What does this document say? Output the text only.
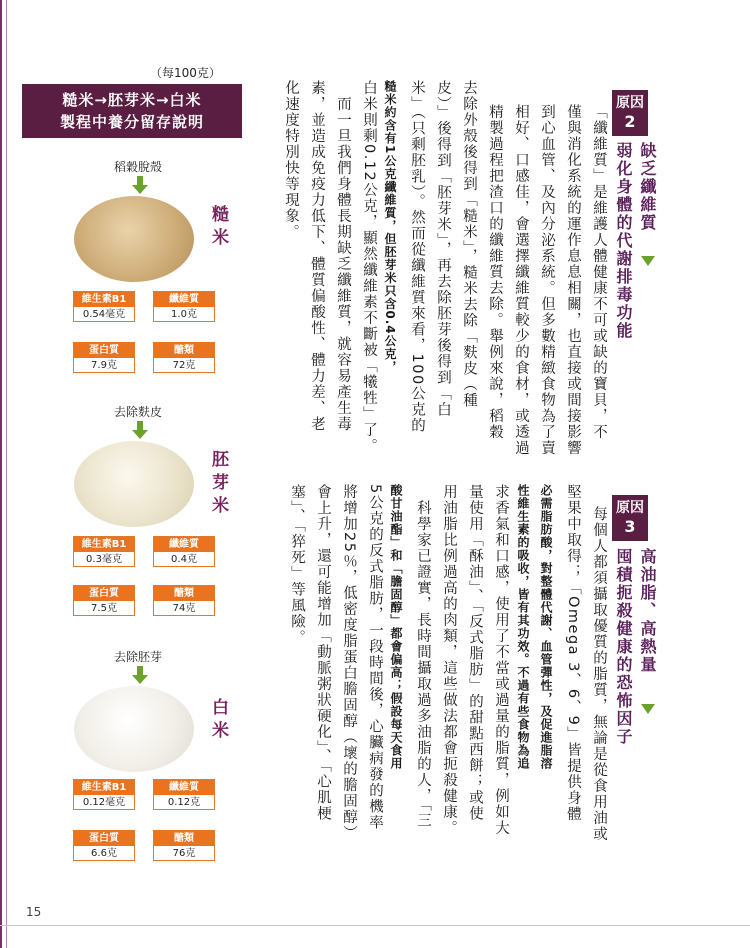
（每100克）
糙米→胚芽米→白米
製程中養分留存說明
稻穀脫殼
糙米
維生素B1
0.54毫克
纖維質
1.0克
蛋白質
7.9克
醣類
72克
去除麩皮
胚芽米
維生素B1
0.3毫克
纖維質
0.4克
蛋白質
7.5克
醣類
74克
去除胚芽
白米
維生素B1
0.12毫克
纖維質
0.12克
蛋白質
6.6克
醣類
76克
原因
2
缺乏纖維質
弱化身體的代謝排毒功能
「纖維質」是維護人體健康不可或缺的寶貝，不
僅與消化系統的運作息息相關，也直接或間接影響
到心血管、及內分泌系統。但多數精緻食物為了賣
相好、口感佳，會選擇纖維質較少的食材，或透過
精製過程把渣口的纖維質去除。舉例來說，稻穀
去除外殼後得到「糙米」，糙米去除「麩皮（種
皮）」後得到「胚芽米」，再去除胚芽後得到「白
米」（只剩胚乳）。然而從纖維質來看，100公克的
糙米約含有1公克纖維質，但胚芽米只含0.4公克，
白米則剩0.12公克，顯然纖維素不斷被「犧牲」了。
　而一旦我們身體長期缺乏纖維質，就容易產生毒
素，並造成免疫力低下、體質偏酸性、體力差、老
化速度特別快等現象。
原因
3
高油脂、高熱量
囤積扼殺健康的恐怖因子
每個人都須攝取優質的脂質，無論是從食用油或
堅果中取得；「Omega 3、6、9」皆提供身體
必需脂肪酸，對整體代謝、血管彈性，及促進脂溶
性維生素的吸收，皆有其功效。不過有些食物為追
求香氣和口感，使用了不當或過量的脂質，例如大
量使用「酥油」、「反式脂肪」的甜點西餅；或使
用油脂比例過高的肉類，這些做法都會扼殺健康。
　科學家已證實，長時間攝取過多油脂的人，「三
酸甘油酯」和「膽固醇」都會偏高；假設每天食用
5公克的反式脂肪，一段時間後，心臟病發的機率
將增加25％，低密度脂蛋白膽固醇（壞的膽固醇）
會上升，還可能增加「動脈粥狀硬化」、「心肌梗
塞」、「猝死」等風險。
15
